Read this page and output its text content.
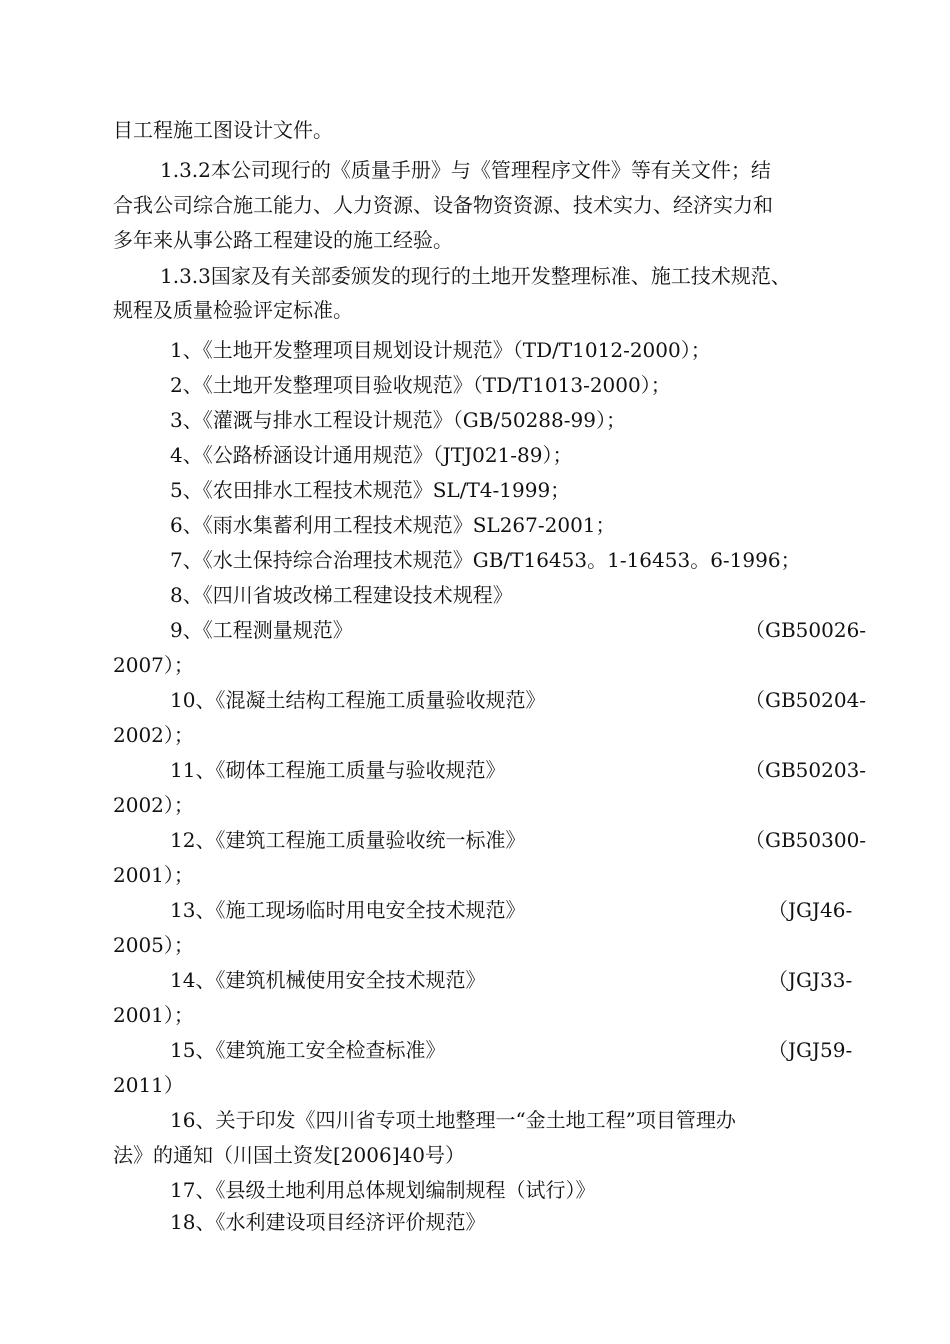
目工程施工图设计文件。
1.3.2本公司现行的《质量手册》与《管理程序文件》等有关文件；结
合我公司综合施工能力、人力资源、设备物资资源、技术实力、经济实力和
多年来从事公路工程建设的施工经验。
1.3.3国家及有关部委颁发的现行的土地开发整理标准、施工技术规范、
规程及质量检验评定标准。
1、《土地开发整理项目规划设计规范》（TD/T1012-2000）；
2、《土地开发整理项目验收规范》（TD/T1013-2000）；
3、《灌溉与排水工程设计规范》（GB/50288-99）；
4、《公路桥涵设计通用规范》（JTJ021-89）；
5、《农田排水工程技术规范》SL/T4-1999；
6、《雨水集蓄利用工程技术规范》SL267-2001；
7、《水土保持综合治理技术规范》GB/T16453。1-16453。6-1996；
8、《四川省坡改梯工程建设技术规程》
9、《工程测量规范》	（GB50026-
2007）；
10、《混凝土结构工程施工质量验收规范》	（GB50204-
2002）；
11、《砌体工程施工质量与验收规范》	（GB50203-
2002）；
12、《建筑工程施工质量验收统一标准》	（GB50300-
2001）；
13、《施工现场临时用电安全技术规范》	（JGJ46-
2005）；
14、《建筑机械使用安全技术规范》	（JGJ33-
2001）；
15、《建筑施工安全检查标准》	（JGJ59-
2011）
16、关于印发《四川省专项土地整理一“金土地工程”项目管理办
法》的通知（川国土资发[2006]40号）
17、《县级土地利用总体规划编制规程（试行）》
18、《水利建设项目经济评价规范》
